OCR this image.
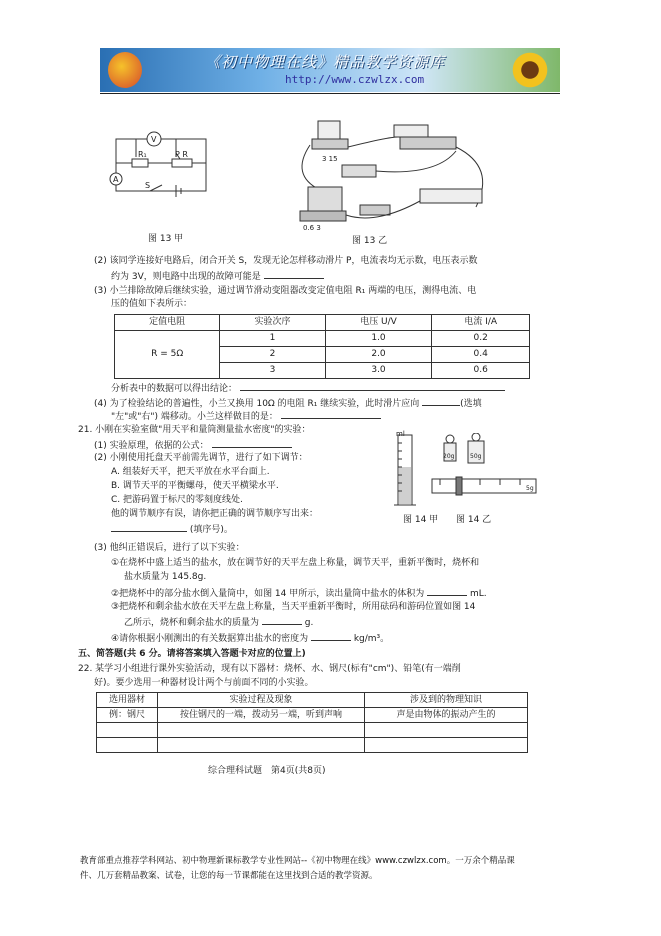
《初中物理在线》精品教学资源库
http://www.czwlzx.com
V
A
R₁	P R
S
图 13 甲
3 15
0.6 3
图 13 乙
(2) 该同学连接好电路后，闭合开关 S，发现无论怎样移动滑片 P，电流表均无示数，电压表示数
约为 3V，则电路中出现的故障可能是
(3) 小兰排除故障后继续实验，通过调节滑动变阻器改变定值电阻 R₁ 两端的电压，测得电流、电
压的值如下表所示：
定值电阻	实验次序	电压 U/V	电流 I/A
R = 5Ω	1	1.0	0.2
	2	2.0	0.4
	3	3.0	0.6
分析表中的数据可以得出结论：
(4) 为了检验结论的普遍性，小兰又换用 10Ω 的电阻 R₁ 继续实验，此时滑片应向	(选填
"左"或"右") 端移动。小兰这样做目的是：
21. 小刚在实验室做"用天平和量筒测量盐水密度"的实验：
(1) 实验原理，依据的公式：
(2) 小刚使用托盘天平前需先调节，进行了如下调节：
A. 组装好天平，把天平放在水平台面上.
B. 调节天平的平衡螺母，使天平横梁水平.
C. 把游码置于标尺的零刻度线处.
他的调节顺序有误，请你把正确的调节顺序写出来：
(填序号)。
ml
20g	50g
5g
图 14 甲 图 14 乙
(3) 他纠正错误后，进行了以下实验：
①在烧杯中盛上适当的盐水，放在调节好的天平左盘上称量，调节天平，重新平衡时，烧杯和
盐水质量为 145.8g.
②把烧杯中的部分盐水倒入量筒中，如图 14 甲所示，读出量筒中盐水的体积为	mL.
③把烧杯和剩余盐水放在天平左盘上称量，当天平重新平衡时，所用砝码和游码位置如图 14
乙所示，烧杯和剩余盐水的质量为	g.
④请你根据小刚测出的有关数据算出盐水的密度为	kg/m³。
五、简答题(共 6 分。请将答案填入答题卡对应的位置上)
22. 某学习小组进行课外实验活动，现有以下器材：烧杯、水、钢尺(标有"cm")、铅笔(有一端削
好)。要少选用一种器材设计两个与前面不同的小实验。
选用器材	实验过程及现象	涉及到的物理知识
例：钢尺	按住钢尺的一端，拨动另一端，听到声响	声是由物体的振动产生的

综合理科试题　第4页(共8页)
教育部重点推荐学科网站、初中物理新课标教学专业性网站--《初中物理在线》www.czwlzx.com。一万余个精品课
件、几万套精品教案、试卷，让您的每一节课都能在这里找到合适的教学资源。
